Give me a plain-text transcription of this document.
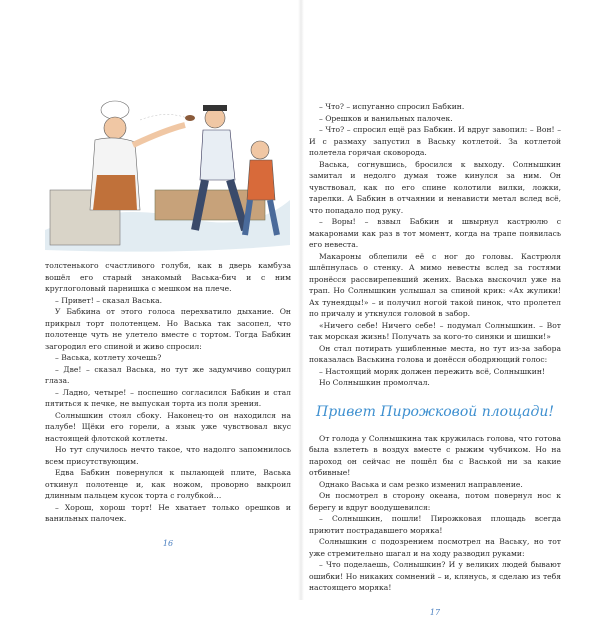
толстенького счастливого голубя, как в дверь камбуза вошёл его старый знакомый Васька-бич и с ним круглоголовый парнишка с мешком на плече.

– Привет! – сказал Васька.

У Бабкина от этого голоса перехватило дыхание. Он прикрыл торт полотенцем. Но Васька так засопел, что полотенце чуть не улетело вместе с тортом. Тогда Бабкин загородил его спиной и живо спросил:

– Васька, котлету хочешь?

– Две! – сказал Васька, но тут же задумчиво сощурил глаза.

– Ладно, четыре! – поспешно согласился Бабкин и стал пятиться к печке, не выпуская торта из поля зрения.

Солнышкин стоял сбоку. Наконец-то он находился на палубе! Щёки его горели, а язык уже чувствовал вкус настоящей флотской котлеты.

Но тут случилось нечто такое, что надолго запомнилось всем присутствующим.

Едва Бабкин повернулся к пылающей плите, Васька откинул полотенце и, как ножом, проворно выкроил длинным пальцем кусок торта с голубкой…

– Хорош, хорош торт! Не хватает только орешков и ванильных палочек.

16

– Что? – испуганно спросил Бабкин.

– Орешков и ванильных палочек.

– Что? – спросил ещё раз Бабкин. И вдруг завопил: – Вон! – И с размаху запустил в Ваську котлетой. За котлетой полетела горячая сковорода.

Васька, согнувшись, бросился к выходу. Солнышкин замитал и недолго думая тоже кинулся за ним. Он чувствовал, как по его спине колотили вилки, ложки, тарелки. А Бабкин в отчаянии и ненависти метал вслед всё, что попадало под руку.

– Воры! – взвыл Бабкин и швырнул кастрюлю с макаронами как раз в тот момент, когда на трапе появилась его невеста.

Макароны облепили её с ног до головы. Кастрюля шлёпнулась о стенку. А мимо невесты вслед за гостями пронёсся рассвирепевший жених. Васька выскочил уже на трап. Но Солнышкин услышал за спиной крик: «Ах жулики! Ах тунеядцы!» – и получил ногой такой пинок, что пролетел по причалу и уткнулся головой в забор.

«Ничего себе! Ничего себе! – подумал Солнышкин. – Вот так морская жизнь! Получать за кого-то синяки и шишки!»

Он стал потирать ушибленные места, но тут из-за забора показалась Васькина голова и донёсся ободряющий голос:

– Настоящий моряк должен пережить всё, Солнышкин!

Но Солнышкин промолчал.

Привет Пирожковой площади!

От голода у Солнышкина так кружилась голова, что готова была взлететь в воздух вместе с рыжим чубчиком. Но на пароход он сейчас не пошёл бы с Васькой ни за какие отбивные!

Однако Васька и сам резко изменил направление.

Он посмотрел в сторону океана, потом повернул нос к берегу и вдруг воодушевился:

– Солнышкин, пошли! Пирожковая площадь всегда приютит пострадавшего моряка!

Солнышкин с подозрением посмотрел на Ваську, но тот уже стремительно шагал и на ходу разводил руками:

– Что поделаешь, Солнышкин? И у великих людей бывают ошибки! Но никаких сомнений – и, клянусь, я сделаю из тебя настоящего моряка!

17
